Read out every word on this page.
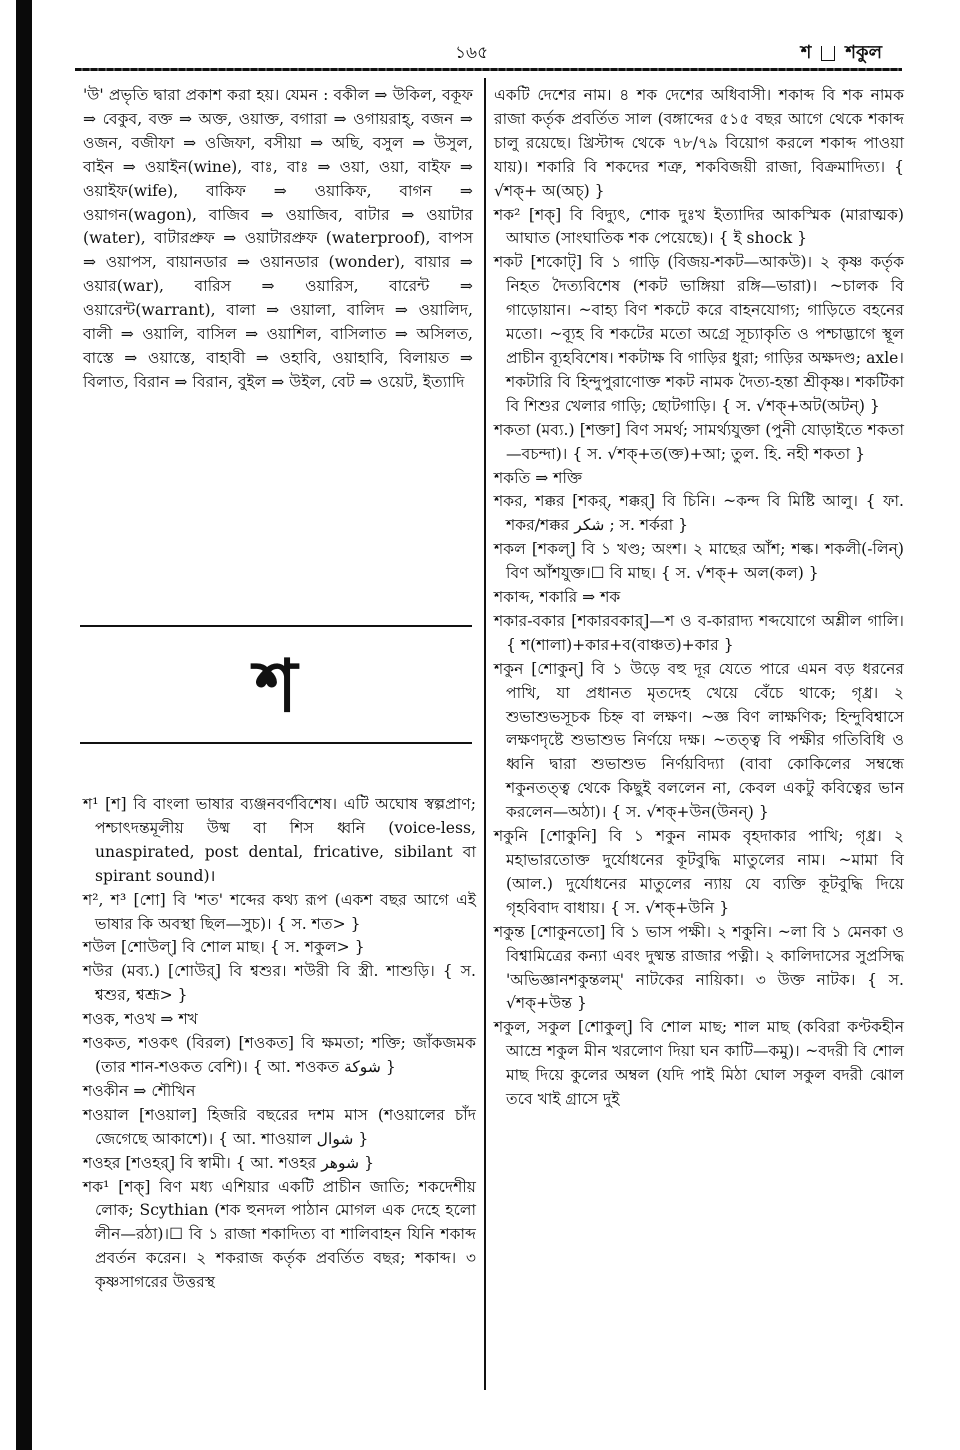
১৬৫	শ শকুল

'উ' প্রভৃতি দ্বারা প্রকাশ করা হয়। যেমন : বকীল ⇒ উকিল, বকূফ ⇒ বেকুব, বক্ত ⇒ অক্ত, ওয়াক্ত, বগারা ⇒ ওগায়রাহ্, বজন ⇒ ওজন, বজীফা ⇒ ওজিফা, বসীয়া ⇒ অছি, বসুল ⇒ উসুল, বাইন ⇒ ওয়াইন(wine), বাঃ, বাঃ ⇒ ওয়া, ওয়া, বাইফ ⇒ ওয়াইফ(wife), বাকিফ ⇒ ওয়াকিফ, বাগন ⇒ ওয়াগন(wagon), বাজিব ⇒ ওয়াজিব, বাটার ⇒ ওয়াটার (water), বাটারপ্রুফ ⇒ ওয়াটারপ্রুফ (waterproof), বাপস ⇒ ওয়াপস, বায়ানডার ⇒ ওয়ানডার (wonder), বায়ার ⇒ ওয়ার(war), বারিস ⇒ ওয়ারিস, বারেন্ট ⇒ ওয়ারেন্ট(warrant), বালা ⇒ ওয়ালা, বালিদ ⇒ ওয়ালিদ, বালী ⇒ ওয়ালি, বাসিল ⇒ ওয়াশিল, বাসিলাত ⇒ অসিলত, বাস্তে ⇒ ওয়াস্তে, বাহাবী ⇒ ওহাবি, ওয়াহাবি, বিলায়ত ⇒ বিলাত, বিরান ⇒ বিরান, বুইল ⇒ উইল, বেট ⇒ ওয়েট, ইত্যাদি

শ

শ¹ [শ] বি বাংলা ভাষার ব্যঞ্জনবর্ণবিশেষ। এটি অঘোষ স্বল্পপ্রাণ; পশ্চাৎদন্তমূলীয় উষ্ম বা শিস ধ্বনি (voice-less, unaspirated, post dental, fricative, sibilant বা spirant sound)।

শ², শ³ [শো] বি 'শত' শব্দের কথ্য রূপ (একশ বছর আগে এই ভাষার কি অবস্থা ছিল—সুচ)। { স. শত> }

শউল [শোউল্] বি শোল মাছ। { স. শকুল> }

শউর (মব্য.) [শোউর্] বি শ্বশুর। শউরী বি স্ত্রী. শাশুড়ি। { স. শ্বশুর, শ্বশ্রূ> }

শওক, শওখ ⇒ শখ

শওকত, শওকৎ (বিরল) [শওকত] বি ক্ষমতা; শক্তি; জাঁকজমক (তার শান-শওকত বেশি)। { আ. শওকত شوكة }

শওকীন ⇒ শৌখিন

শওয়াল [শওয়াল] হিজরি বছরের দশম মাস (শওয়ালের চাঁদ জেগেছে আকাশে)। { আ. শাওয়াল شوال }

শওহর [শওহর্] বি স্বামী। { আ. শওহর شوهر }

শক¹ [শক্] বিণ মধ্য এশিয়ার একটি প্রাচীন জাতি; শকদেশীয় লোক; Scythian (শক হুনদল পাঠান মোগল এক দেহে হলো লীন—রঠা)।☐ বি ১ রাজা শকাদিত্য বা শালিবাহন যিনি শকাব্দ প্রবর্তন করেন। ২ শকরাজ কর্তৃক প্রবর্তিত বছর; শকাব্দ। ৩ কৃষ্ণসাগরের উত্তরস্থ

একটি দেশের নাম। ৪ শক দেশের অধিবাসী। শকাব্দ বি শক নামক রাজা কর্তৃক প্রবর্তিত সাল (বঙ্গাব্দের ৫১৫ বছর আগে থেকে শকাব্দ চালু রয়েছে। খ্রিস্টাব্দ থেকে ৭৮/৭৯ বিয়োগ করলে শকাব্দ পাওয়া যায়)। শকারি বি শকদের শত্রু, শকবিজয়ী রাজা, বিক্রমাদিত্য। { √শক্+ অ(অচ্) }

শক² [শক্] বি বিদ্যুৎ, শোক দুঃখ ইত্যাদির আকস্মিক (মারাত্মক) আঘাত (সাংঘাতিক শক পেয়েছে)। { ই shock }

শকট [শকোট্] বি ১ গাড়ি (বিজয়-শকট—আকউ)। ২ কৃষ্ণ কর্তৃক নিহত দৈত্যবিশেষ (শকট ভাঙ্গিয়া রঙ্গি—ভারা)। ~চালক বি গাড়োয়ান। ~বাহ্য বিণ শকটে করে বাহনযোগ্য; গাড়িতে বহনের মতো। ~ব্যূহ বি শকটের মতো অগ্রে সূচ্যাকৃতি ও পশ্চাদ্ভাগে স্থূল প্রাচীন ব্যূহবিশেষ। শকটাক্ষ বি গাড়ির ধুরা; গাড়ির অক্ষদণ্ড; axle। শকটারি বি হিন্দুপুরাণোক্ত শকট নামক দৈত্য-হন্তা শ্রীকৃষ্ণ। শকটিকা বি শিশুর খেলার গাড়ি; ছোটগাড়ি। { স. √শক্+অট(অটন্) }

শকতা (মব্য.) [শক্তা] বিণ সমর্থ; সামর্থ্যযুক্তা (পুনী যোড়াইতে শকতা—বচন্দা)। { স. √শক্+ত(ক্ত)+আ; তুল. হি. নহী শকতা }

শকতি ⇒ শক্তি

শকর, শক্কর [শকর্, শক্কর্] বি চিনি। ~কন্দ বি মিষ্টি আলু। { ফা. শকর/শক্কর شکر ; স. শর্করা }

শকল [শকল্] বি ১ খণ্ড; অংশ। ২ মাছের আঁশ; শল্ক। শকলী(-লিন্) বিণ আঁশযুক্ত।☐ বি মাছ। { স. √শক্+ অল(কল) }

শকাব্দ, শকারি ⇒ শক

শকার-বকার [শকারবকার্]—শ ও ব-কারাদ্য শব্দযোগে অশ্লীল গালি। { শ(শালা)+কার+ব(বাঞ্চত)+কার }

শকুন [শোকুন্] বি ১ উড়ে বহু দূর যেতে পারে এমন বড় ধরনের পাখি, যা প্রধানত মৃতদেহ খেয়ে বেঁচে থাকে; গৃধ্র। ২ শুভাশুভসূচক চিহ্ন বা লক্ষণ। ~জ্ঞ বিণ লাক্ষণিক; হিন্দুবিশ্বাসে লক্ষণদৃষ্টে শুভাশুভ নির্ণয়ে দক্ষ। ~তত্ত্ব বি পক্ষীর গতিবিধি ও ধ্বনি দ্বারা শুভাশুভ নির্ণয়বিদ্যা (বাবা কোকিলের সম্বন্ধে শকুনতত্ত্ব থেকে কিছুই বললেন না, কেবল একটু কবিত্বের ভান করলেন—অঠা)। { স. √শক্+উন(উনন্) }

শকুনি [শোকুনি] বি ১ শকুন নামক বৃহদাকার পাখি; গৃধ্র। ২ মহাভারতোক্ত দুর্যোধনের কূটবুদ্ধি মাতুলের নাম। ~মামা বি (আল.) দুর্যোধনের মাতুলের ন্যায় যে ব্যক্তি কূটবুদ্ধি দিয়ে গৃহবিবাদ বাধায়। { স. √শক্+উনি }

শকুন্ত [শোকুনতো] বি ১ ভাস পক্ষী। ২ শকুনি। ~লা বি ১ মেনকা ও বিশ্বামিত্রের কন্যা এবং দুষ্মন্ত রাজার পত্নী। ২ কালিদাসের সুপ্রসিদ্ধ 'অভিজ্ঞানশকুন্তলম্' নাটকের নায়িকা। ৩ উক্ত নাটক। { স. √শক্+উন্ত }

শকুল, সকুল [শোকুল্] বি শোল মাছ; শাল মাছ (কবিরা কণ্টকহীন আম্রে শকুল মীন খরলোণ দিয়া ঘন কাটি—কমু)। ~বদরী বি শোল মাছ দিয়ে কুলের অম্বল (যদি পাই মিঠা ঘোল সকুল বদরী ঝোল তবে খাই গ্রাসে দুই
